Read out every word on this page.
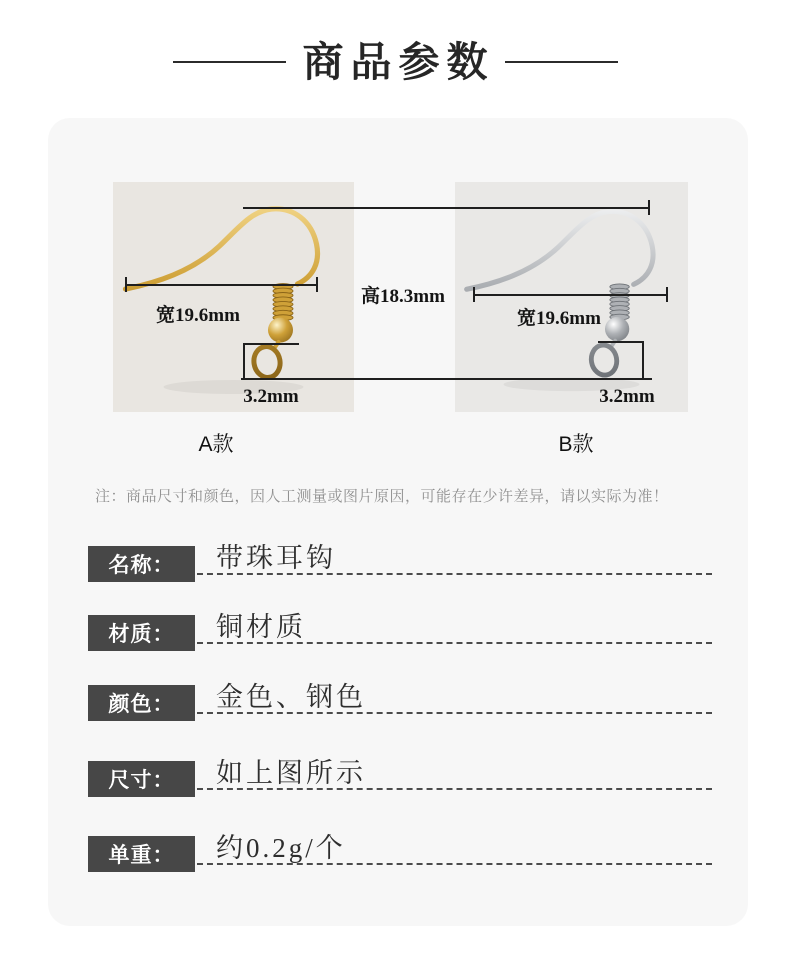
商品参数
高18.3mm
宽19.6mm	宽19.6mm
3.2mm	3.2mm
A款	B款
注：商品尺寸和颜色，因人工测量或图片原因，可能存在少许差异，请以实际为准！
名称： 带珠耳钩
材质： 铜材质
颜色： 金色、钢色
尺寸： 如上图所示
单重： 约0.2g/个
